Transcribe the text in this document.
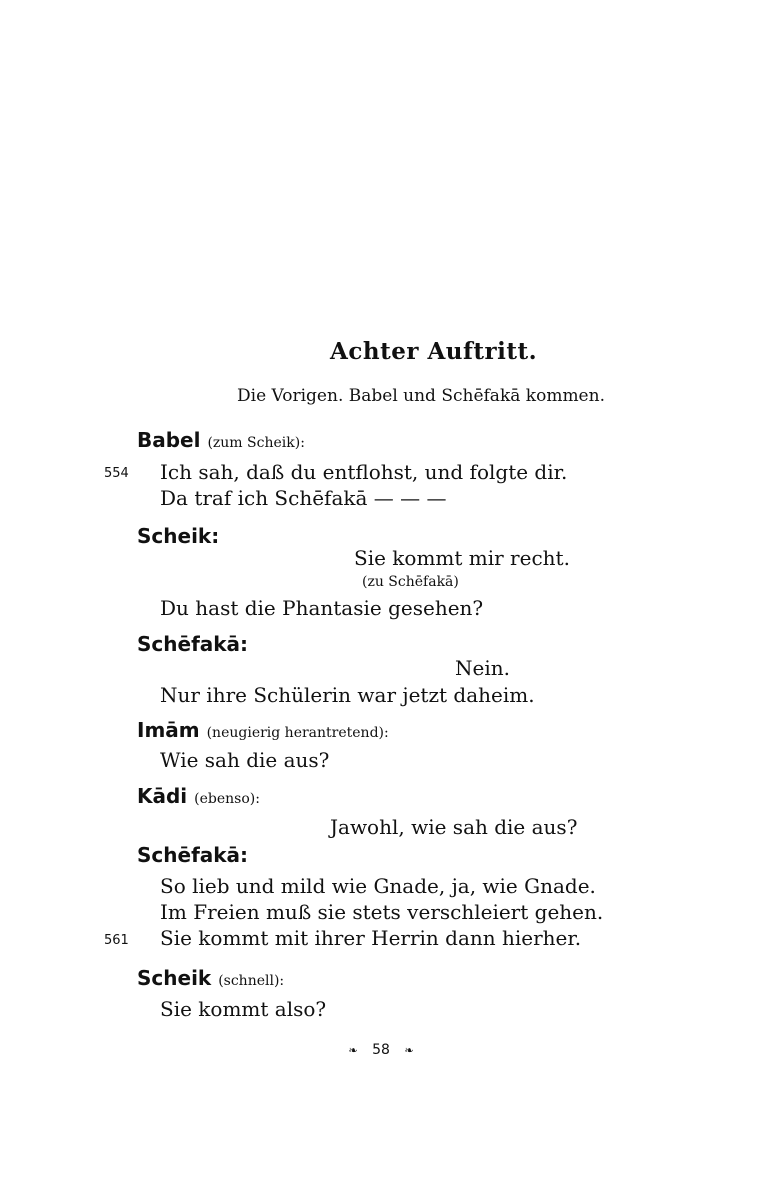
Achter Auftritt.
Die Vorigen. Babel und Schēfakā kommen.
Babel (zum Scheik):
554 Ich sah, daß du entflohst, und folgte dir.
Da traf ich Schēfakā — — —
Scheik:
Sie kommt mir recht.
(zu Schēfakā)
Du hast die Phantasie gesehen?
Schēfakā:
Nein.
Nur ihre Schülerin war jetzt daheim.
Imām (neugierig herantretend):
Wie sah die aus?
Kādi (ebenso):
Jawohl, wie sah die aus?
Schēfakā:
So lieb und mild wie Gnade, ja, wie Gnade.
Im Freien muß sie stets verschleiert gehen.
561 Sie kommt mit ihrer Herrin dann hierher.
Scheik (schnell):
Sie kommt also?
❧ 58 ❧
